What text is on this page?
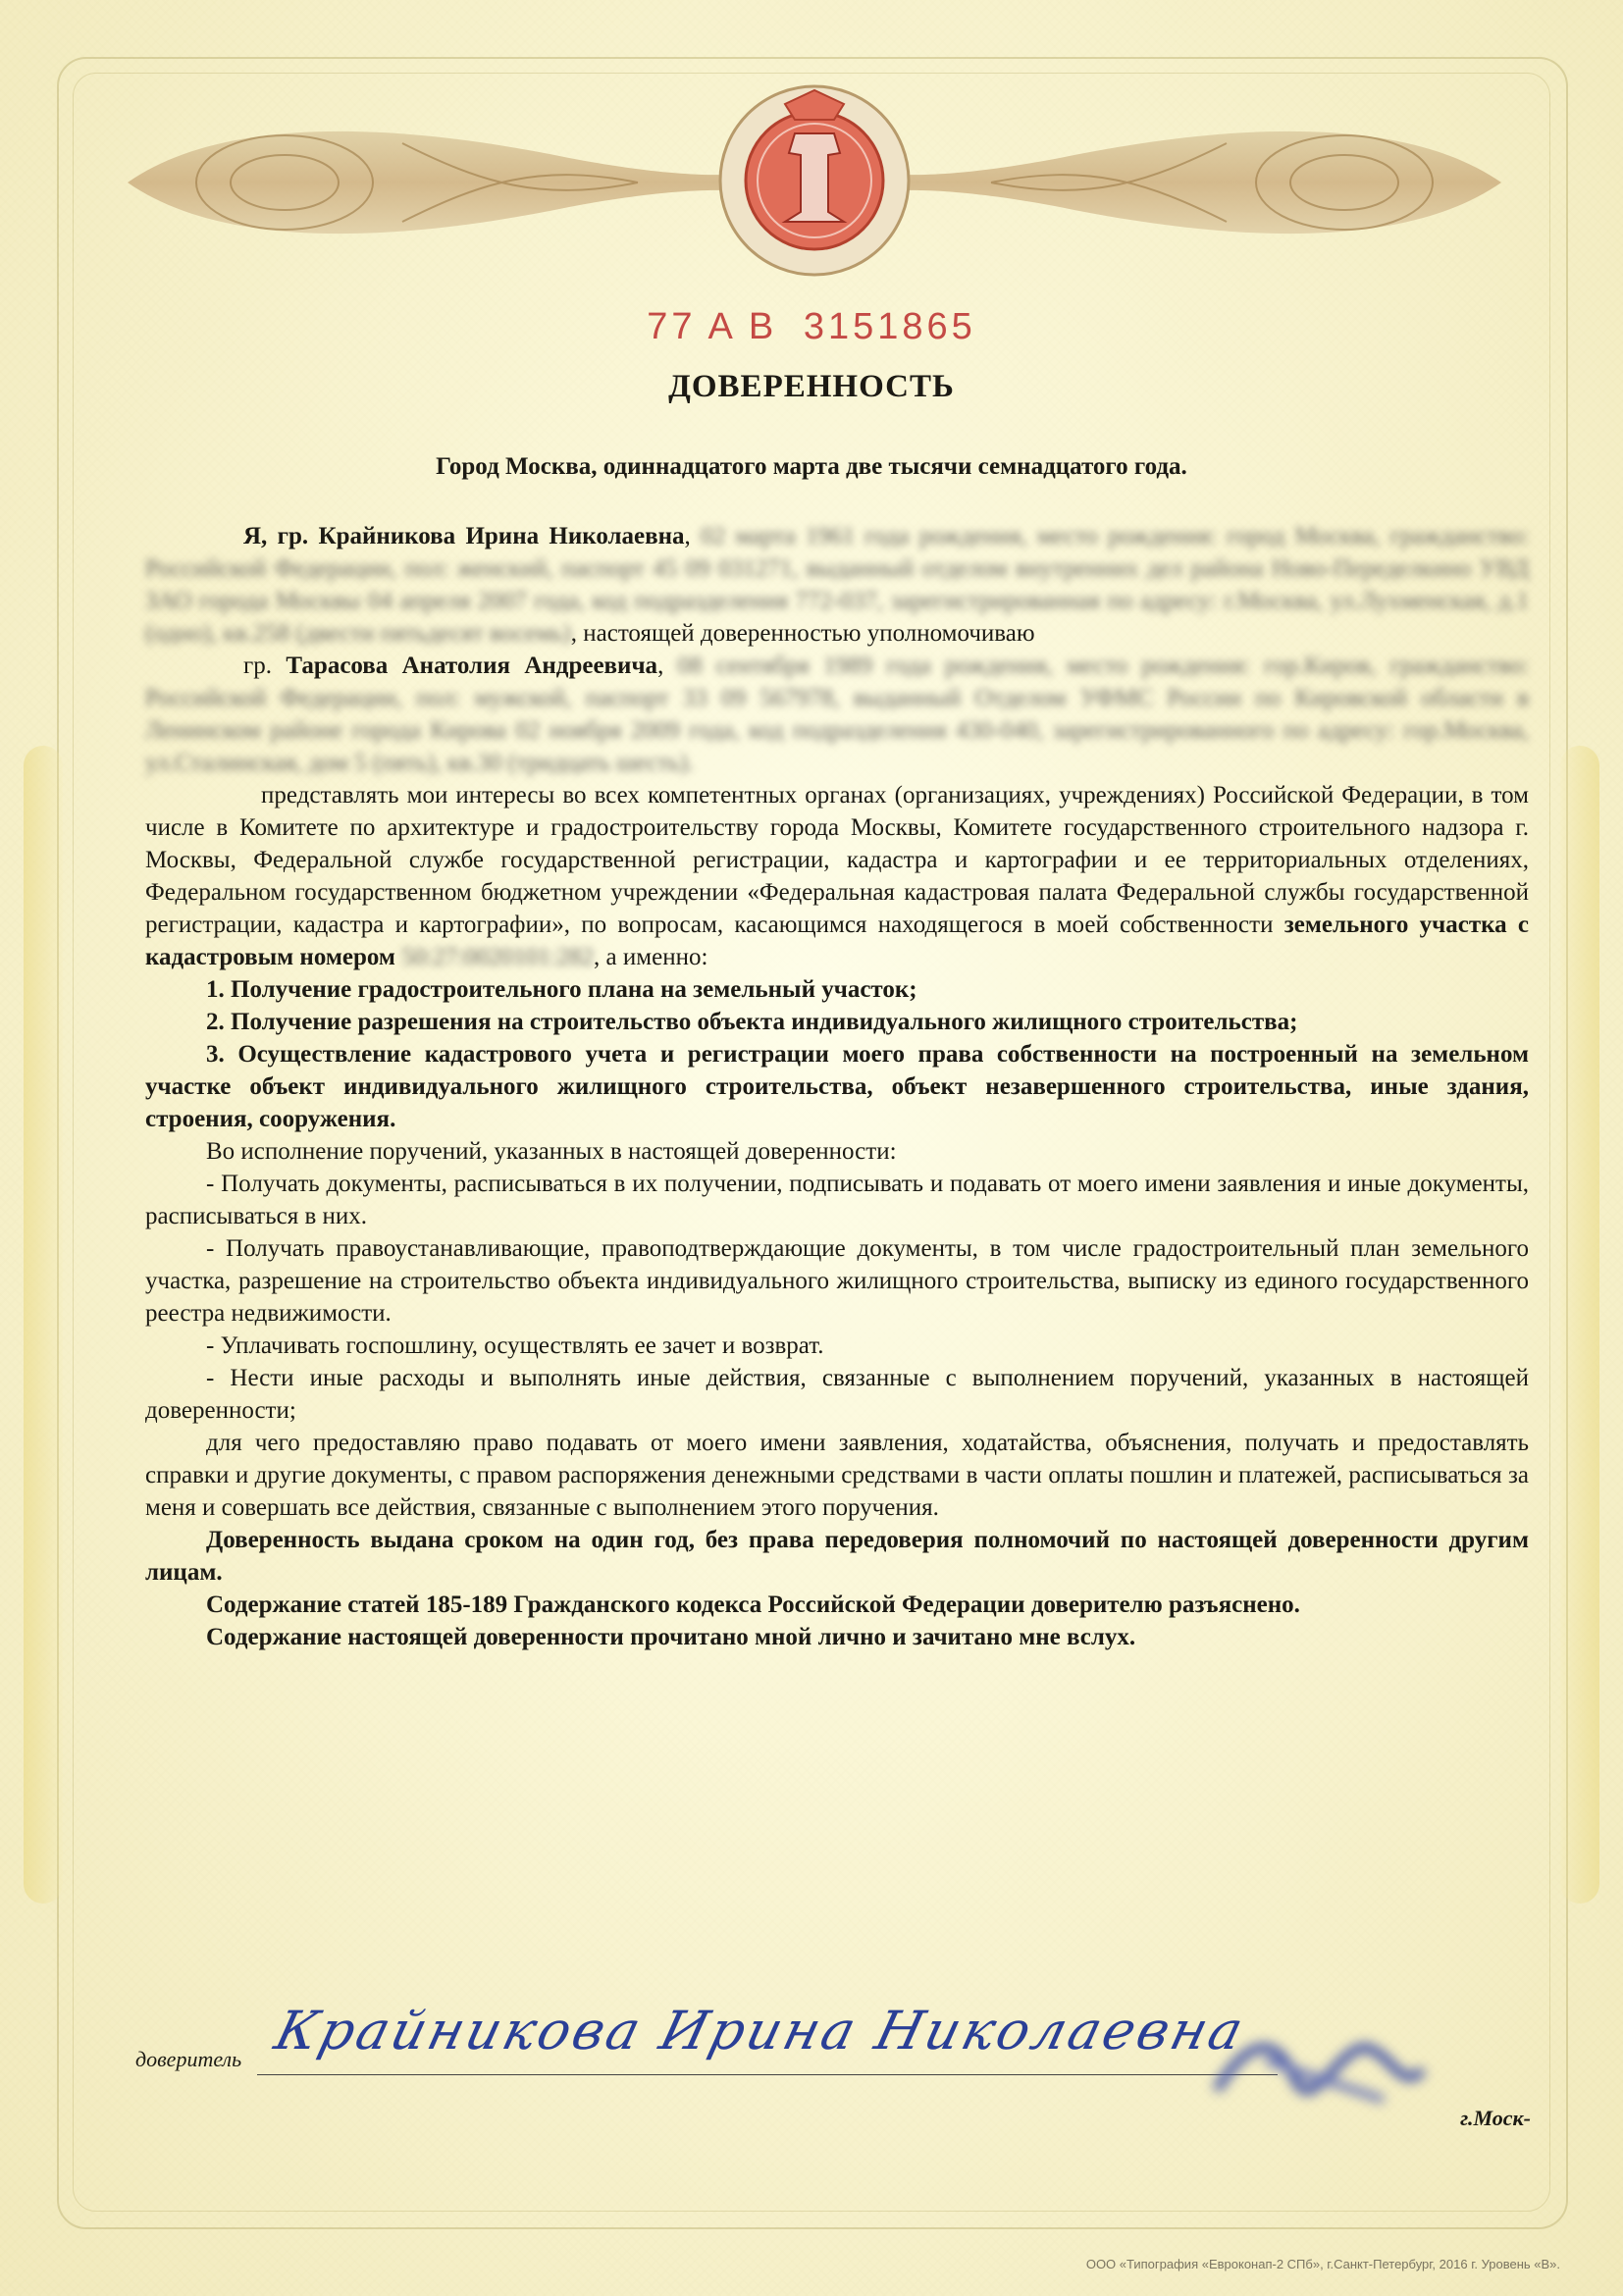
77 А В 3151865
ДОВЕРЕННОСТЬ
Город Москва, одиннадцатого марта две тысячи семнадцатого года.

Я, гр. Крайникова Ирина Николаевна, 02 марта 1961 года рождения, место рождения: город Москва, гражданство: Российской Федерации, пол: женский, паспорт 45 09 031271, выданный отделом внутренних дел района Ново-Переделкино УВД ЗАО города Москвы 04 апреля 2007 года, код подразделения 772-037, зарегистрированная по адресу: г.Москва, ул.Лухменская, д.1 (одно), кв.258 (двести пятьдесят восемь), настоящей доверенностью уполномочиваю

гр. Тарасова Анатолия Андреевича, 08 сентября 1989 года рождения, место рождения: гор.Киров, гражданство: Российской Федерации, пол: мужской, паспорт 33 09 567978, выданный Отделом УФМС России по Кировской области в Ленинском районе города Кирова 02 ноября 2009 года, код подразделения 430-040, зарегистрированного по адресу: гор.Москва, ул.Сталинская, дом 5 (пять), кв.30 (тридцать шесть).

представлять мои интересы во всех компетентных органах (организациях, учреждениях) Российской Федерации, в том числе в Комитете по архитектуре и градостроительству города Москвы, Комитете государственного строительного надзора г. Москвы, Федеральной службе государственной регистрации, кадастра и картографии и ее территориальных отделениях, Федеральном государственном бюджетном учреждении «Федеральная кадастровая палата Федеральной службы государственной регистрации, кадастра и картографии», по вопросам, касающимся находящегося в моей собственности земельного участка с кадастровым номером 50:27:0020101:282, а именно:

1. Получение градостроительного плана на земельный участок;

2. Получение разрешения на строительство объекта индивидуального жилищного строительства;

3. Осуществление кадастрового учета и регистрации моего права собственности на построенный на земельном участке объект индивидуального жилищного строительства, объект незавершенного строительства, иные здания, строения, сооружения.

Во исполнение поручений, указанных в настоящей доверенности:

- Получать документы, расписываться в их получении, подписывать и подавать от моего имени заявления и иные документы, расписываться в них.

- Получать правоустанавливающие, правоподтверждающие документы, в том числе градостроительный план земельного участка, разрешение на строительство объекта индивидуального жилищного строительства, выписку из единого государственного реестра недвижимости.

- Уплачивать госпошлину, осуществлять ее зачет и возврат.

- Нести иные расходы и выполнять иные действия, связанные с выполнением поручений, указанных в настоящей доверенности;

для чего предоставляю право подавать от моего имени заявления, ходатайства, объяснения, получать и предоставлять справки и другие документы, с правом распоряжения денежными средствами в части оплаты пошлин и платежей, расписываться за меня и совершать все действия, связанные с выполнением этого поручения.

Доверенность выдана сроком на один год, без права передоверия полномочий по настоящей доверенности другим лицам.

Содержание статей 185-189 Гражданского кодекса Российской Федерации доверителю разъяснено.

Содержание настоящей доверенности прочитано мной лично и зачитано мне вслух.

доверитель Крайникова Ирина Николаевна
г.Моск-
ООО «Типография «Евроконап-2 СПб», г.Санкт-Петербург, 2016 г. Уровень «В».
